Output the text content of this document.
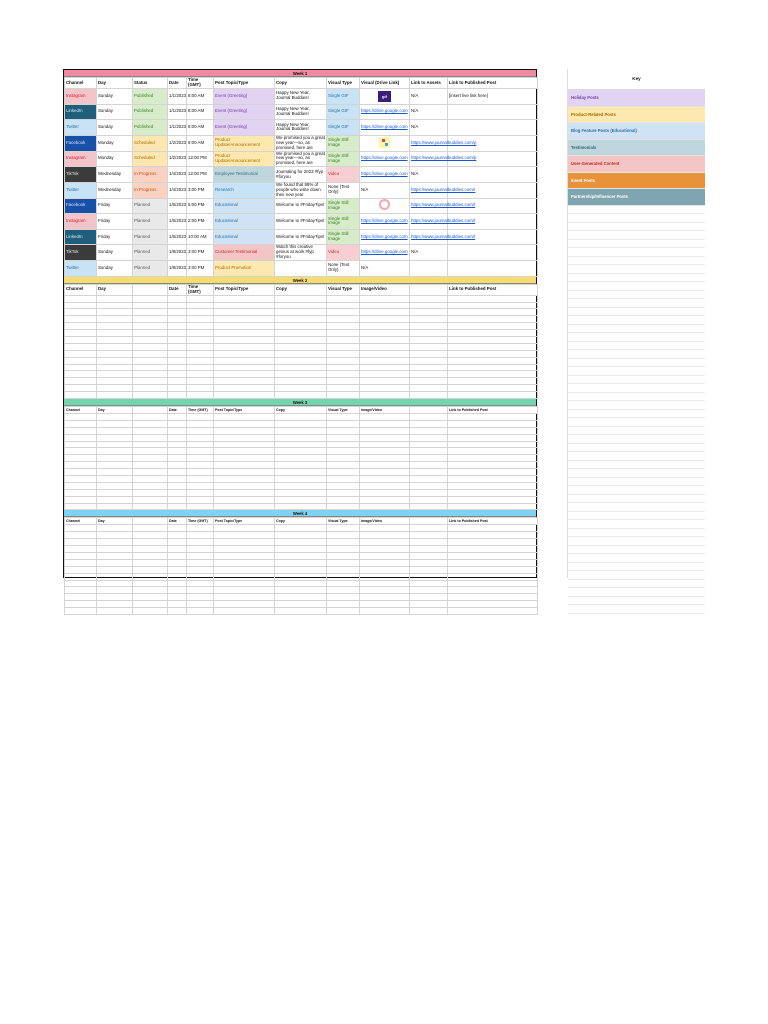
Week 1
Channel	Day	Status	Date	Time (GMT)	Post Topic/Type	Copy	Visual Type	Visual (Drive Link)	Link to Assets	Link to Published Post
Instagram	Sunday	Published	1/1/2023	8:00 AM	Event (Greeting)	Happy New Year, Journal Buddies!	Single GIF	gif	N/A	[insert live link here]
LinkedIn	Sunday	Published	1/1/2023	8:00 AM	Event (Greeting)	Happy New Year, Journal Buddies!	Single GIF	https://drive.google.com	N/A	
Twitter	Sunday	Published	1/1/2023	8:00 AM	Event (Greeting)	Happy New Year, Journal Buddies!	Single GIF	https://drive.google.com	N/A	
Facebook	Monday	Scheduled	1/2/2023	9:00 AM	Product Update/Announcement	We promised you a great new year—so, as promised, here are	Single Still Image		https://www.journalbuddies.com/p	
Instagram	Monday	Scheduled	1/2/2023	12:00 PM	Product Update/Announcement	We promised you a great new year—so, as promised, here are	Single Still Image	https://drive.google.com	https://www.journalbuddies.com/p	
TikTok	Wednesday	In Progress	1/4/2023	12:00 PM	Employee Testimonial	Journaling for 2023 #fyp #foryou	Video	https://drive.google.com	N/A	
Twitter	Wednesday	In Progress	1/4/2023	3:00 PM	Research	We found that 88% of people who write down their new year	None (Text Only)	N/A	https://www.journalbuddies.com/r	
Facebook	Friday	Planned	1/6/2023	5:00 PM	Educational	Welcome to #FridayTips!	Single Still Image		https://www.journalbuddies.com/t	
Instagram	Friday	Planned	1/6/2023	2:00 PM	Educational	Welcome to #FridayTips!	Single Still Image	https://drive.google.com	https://www.journalbuddies.com/t	
LinkedIn	Friday	Planned	1/6/2023	10:00 AM	Educational	Welcome to #FridayTips!	Single Still Image	https://drive.google.com	https://www.journalbuddies.com/t	
TikTok	Sunday	Planned	1/8/2023	3:00 PM	Customer Testimonial	Watch this creative genius at work #fyp #foryou	Video	https://drive.google.com	N/A	
Twitter	Sunday	Planned	1/8/2023	3:00 PM	Product Promotion		None (Text Only)	N/A		
Week 2
Channel	Day		Date	Time (GMT)	Post Topic/Type	Copy	Visual Type	Image/Video		Link to Published Post

Week 3
Channel	Day		Date	Time (GMT)	Post Topic/Type	Copy	Visual Type	Image/Video		Link to Published Post

Week 4
Channel	Day		Date	Time (GMT)	Post Topic/Type	Copy	Visual Type	Image/Video		Link to Published Post

Key
Holiday Posts
Product-Related Posts
Blog Feature Posts (Educational)
Testimonials
User-Generated Content
Event Posts
Partnership/Influencer Posts
